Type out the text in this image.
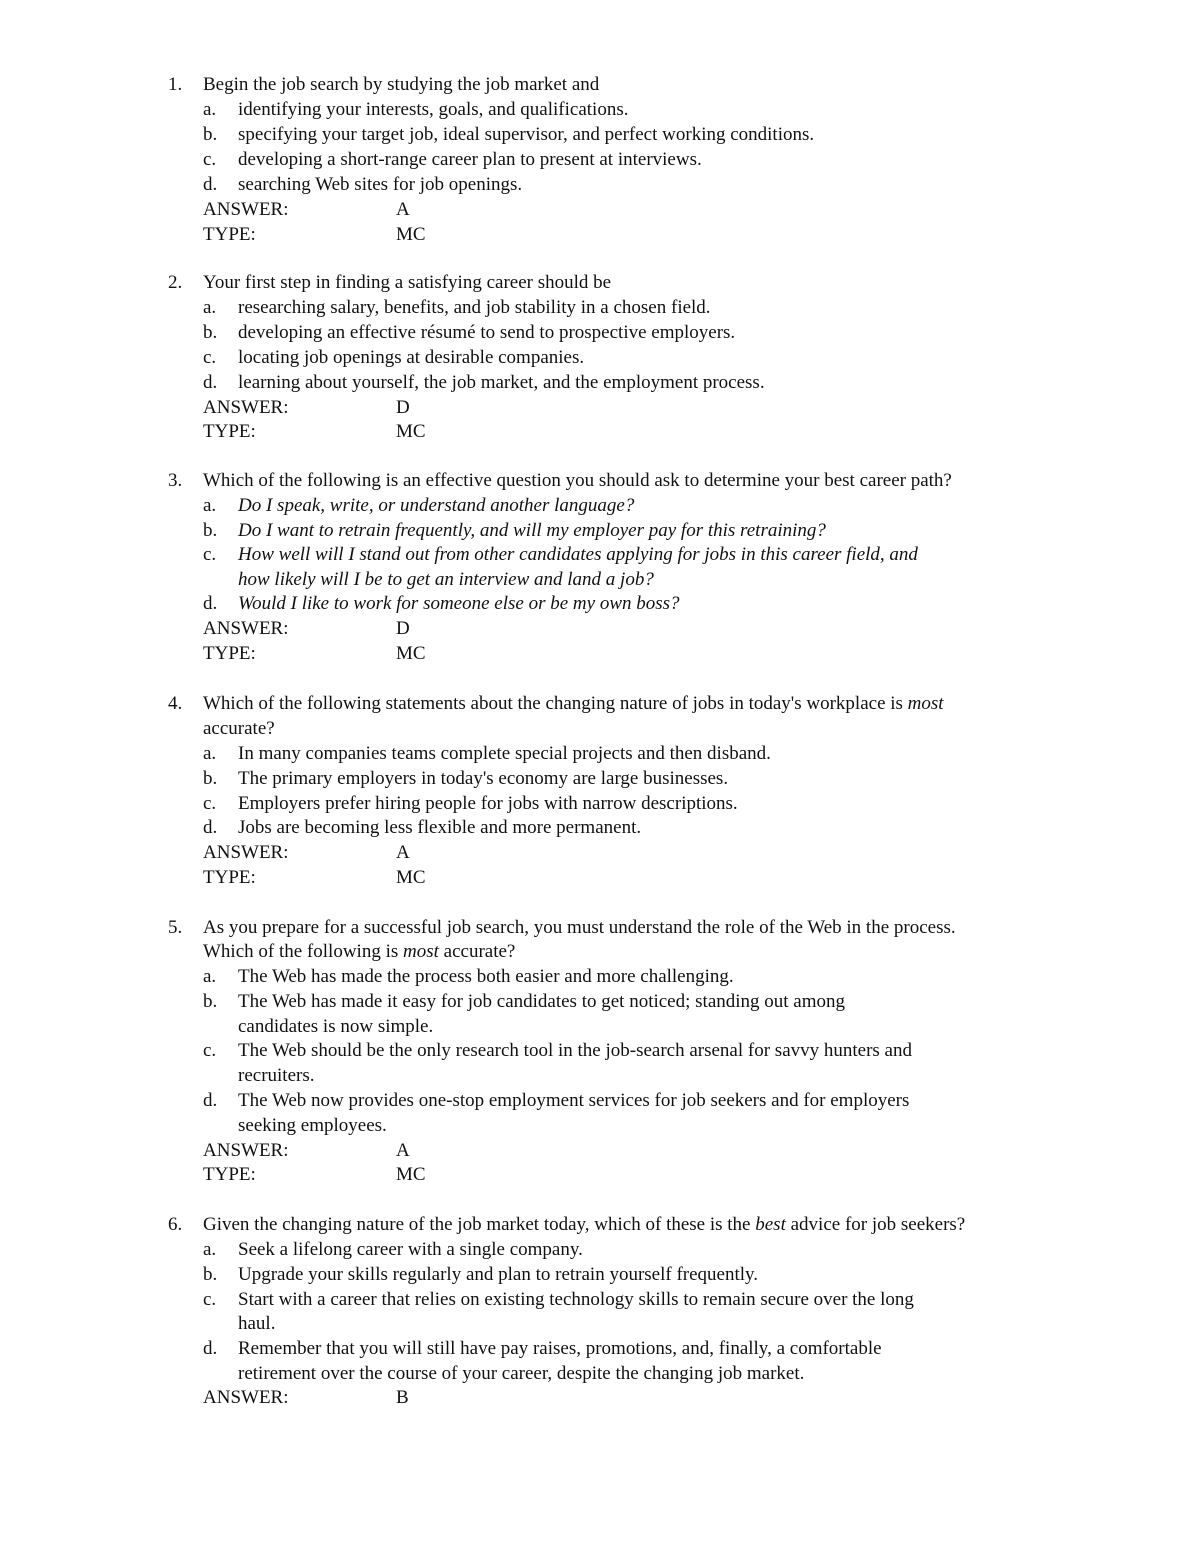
1.	Begin the job search by studying the job market and
a.	identifying your interests, goals, and qualifications.
b.	specifying your target job, ideal supervisor, and perfect working conditions.
c.	developing a short-range career plan to present at interviews.
d.	searching Web sites for job openings.
ANSWER:	A
TYPE:	MC
2.	Your first step in finding a satisfying career should be
a.	researching salary, benefits, and job stability in a chosen field.
b.	developing an effective résumé to send to prospective employers.
c.	locating job openings at desirable companies.
d.	learning about yourself, the job market, and the employment process.
ANSWER:	D
TYPE:	MC
3.	Which of the following is an effective question you should ask to determine your best career path?
a.	Do I speak, write, or understand another language?
b.	Do I want to retrain frequently, and will my employer pay for this retraining?
c.	How well will I stand out from other candidates applying for jobs in this career field, and
how likely will I be to get an interview and land a job?
d.	Would I like to work for someone else or be my own boss?
ANSWER:	D
TYPE:	MC
4.	Which of the following statements about the changing nature of jobs in today's workplace is most
accurate?
a.	In many companies teams complete special projects and then disband.
b.	The primary employers in today's economy are large businesses.
c.	Employers prefer hiring people for jobs with narrow descriptions.
d.	Jobs are becoming less flexible and more permanent.
ANSWER:	A
TYPE:	MC
5.	As you prepare for a successful job search, you must understand the role of the Web in the process.
Which of the following is most accurate?
a.	The Web has made the process both easier and more challenging.
b.	The Web has made it easy for job candidates to get noticed; standing out among
candidates is now simple.
c.	The Web should be the only research tool in the job-search arsenal for savvy hunters and
recruiters.
d.	The Web now provides one-stop employment services for job seekers and for employers
seeking employees.
ANSWER:	A
TYPE:	MC
6.	Given the changing nature of the job market today, which of these is the best advice for job seekers?
a.	Seek a lifelong career with a single company.
b.	Upgrade your skills regularly and plan to retrain yourself frequently.
c.	Start with a career that relies on existing technology skills to remain secure over the long
haul.
d.	Remember that you will still have pay raises, promotions, and, finally, a comfortable
retirement over the course of your career, despite the changing job market.
ANSWER:	B
